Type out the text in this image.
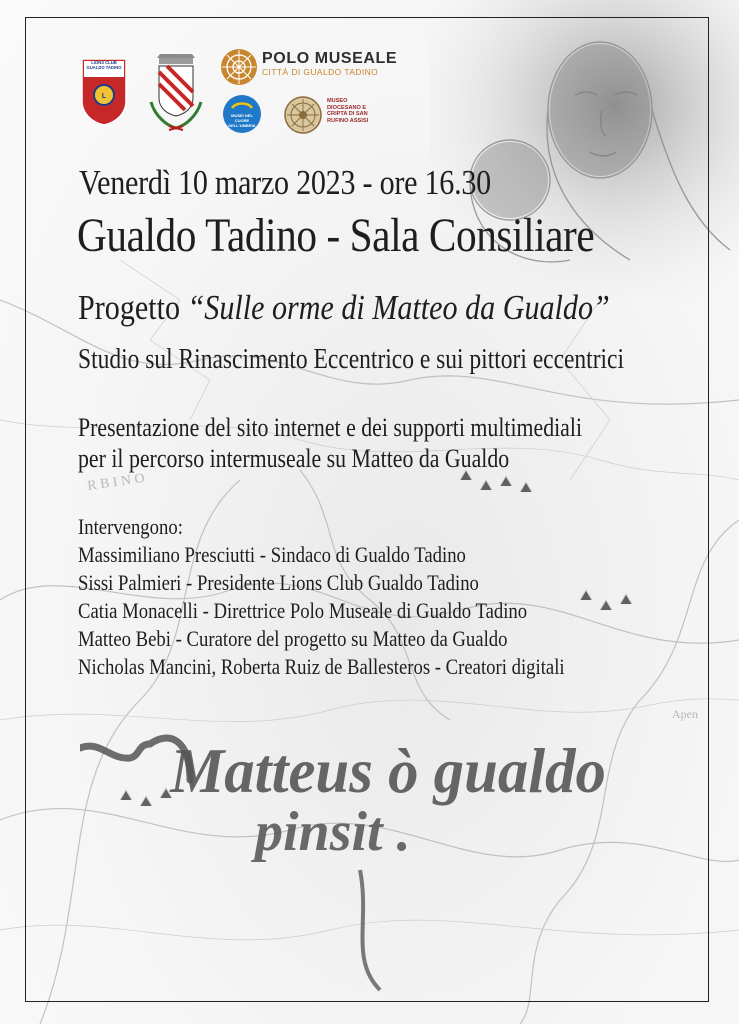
R B I N O
Apen
L
LIONS CLUB GUALDO TADINO
POLO MUSEALE
CITTÀ DI GUALDO TADINO
MUSEI NEL CUORE DELL'UMBRIA
MUSEO DIOCESANO E CRIPTA DI SAN RUFINO ASSISI
Venerdì 10 marzo 2023 - ore 16.30
Gualdo Tadino - Sala Consiliare
Progetto “Sulle orme di Matteo da Gualdo”
Studio sul Rinascimento Eccentrico e sui pittori eccentrici
Presentazione del sito internet e dei supporti multimediali
per il percorso intermuseale su Matteo da Gualdo
Intervengono:
Massimiliano Presciutti - Sindaco di Gualdo Tadino
Sissi Palmieri - Presidente Lions Club Gualdo Tadino
Catia Monacelli - Direttrice Polo Museale di Gualdo Tadino
Matteo Bebi - Curatore del progetto su Matteo da Gualdo
Nicholas Mancini, Roberta Ruiz de Ballesteros - Creatori digitali
Matteus ò gualdo
pinsit .
